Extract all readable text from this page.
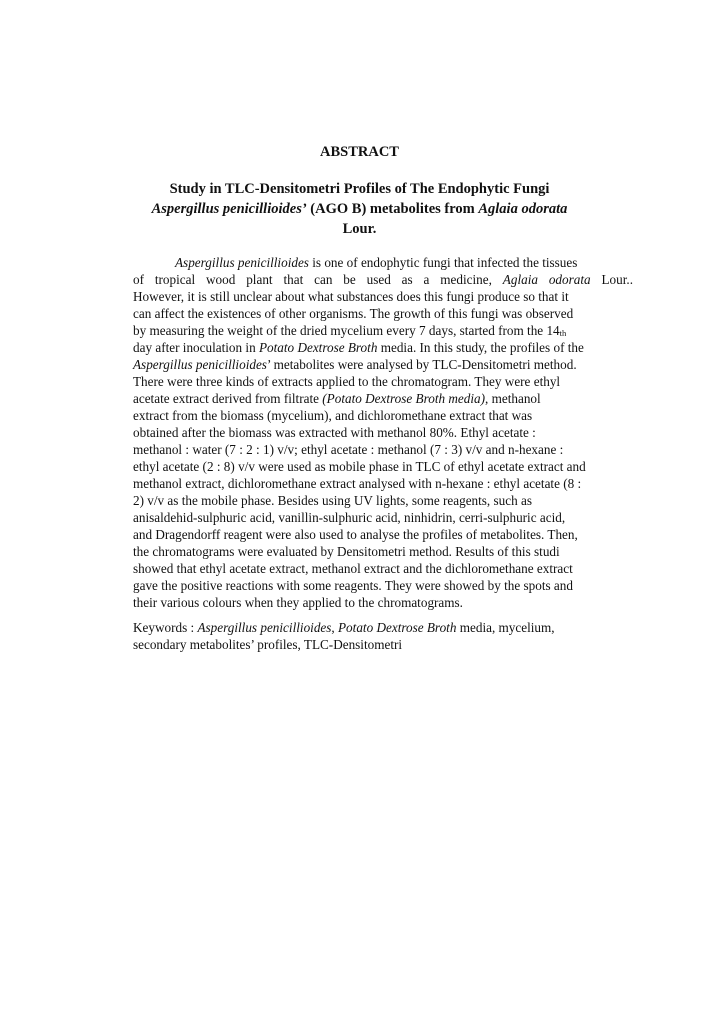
ABSTRACT
Study in TLC-Densitometri Profiles of The Endophytic Fungi
Aspergillus penicillioides’ (AGO B) metabolites from Aglaia odorata
Lour.
Aspergillus penicillioides is one of endophytic fungi that infected the tissues
of tropical wood plant that can be used as a medicine, Aglaia odorata Lour..
However, it is still unclear about what substances does this fungi produce so that it
can affect the existences of other organisms. The growth of this fungi was observed
by measuring the weight of the dried mycelium every 7 days, started from the $14_{th}$
day after inoculation in Potato Dextrose Broth media. In this study, the profiles of the
Aspergillus penicillioides’ metabolites were analysed by TLC-Densitometri method.
There were three kinds of extracts applied to the chromatogram. They were ethyl
acetate extract derived from filtrate (Potato Dextrose Broth media), methanol
extract from the biomass (mycelium), and dichloromethane extract that was
obtained after the biomass was extracted with methanol 80%. Ethyl acetate :
methanol : water (7 : 2 : 1) v/v; ethyl acetate : methanol (7 : 3) v/v and n-hexane :
ethyl acetate (2 : 8) v/v were used as mobile phase in TLC of ethyl acetate extract and
methanol extract, dichloromethane extract analysed with n-hexane : ethyl acetate (8 :
2) v/v as the mobile phase. Besides using UV lights, some reagents, such as
anisaldehid-sulphuric acid, vanillin-sulphuric acid, ninhidrin, cerri-sulphuric acid,
and Dragendorff reagent were also used to analyse the profiles of metabolites. Then,
the chromatograms were evaluated by Densitometri method. Results of this studi
showed that ethyl acetate extract, methanol extract and the dichloromethane extract
gave the positive reactions with some reagents. They were showed by the spots and
their various colours when they applied to the chromatograms.
Keywords : Aspergillus penicillioides, Potato Dextrose Broth media, mycelium,
secondary metabolites’ profiles, TLC-Densitometri
